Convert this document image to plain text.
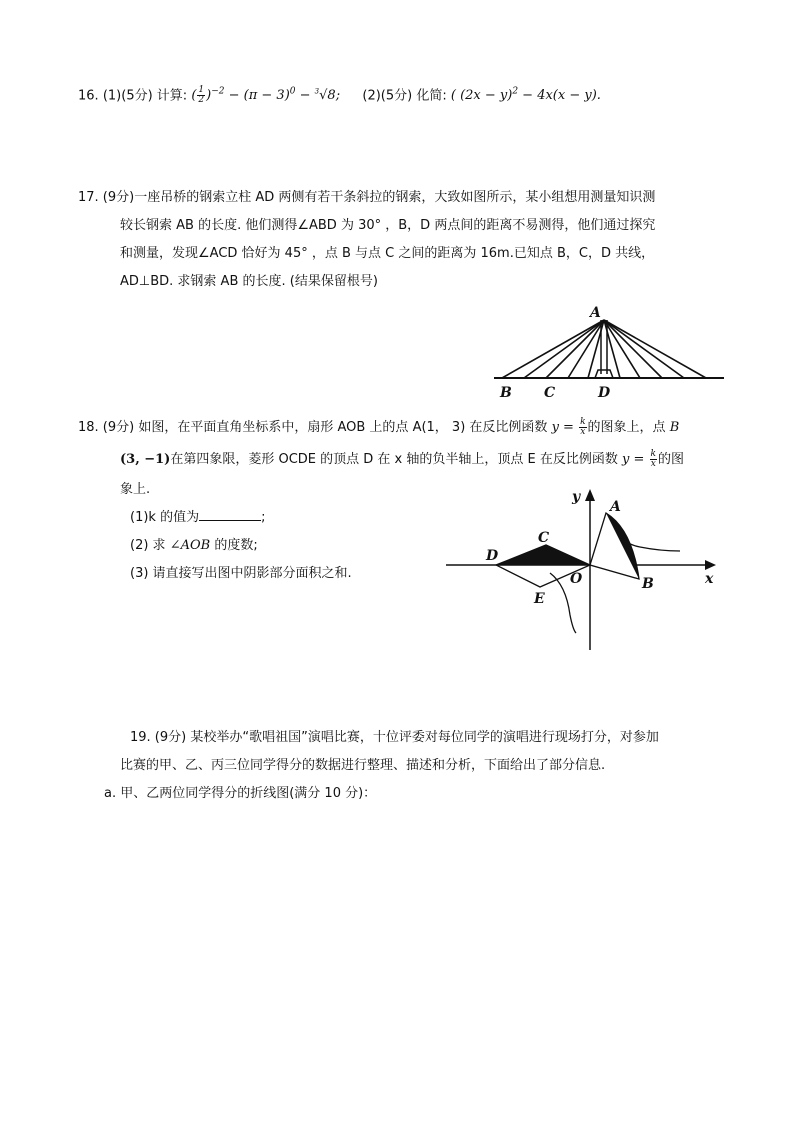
16. (1)(5分) 计算: ( $\frac{1}{2} )^{-2} - (\pi - 3)^0 - ^3√8$; (2)(5分) 化简: ( $(2x - y)^2 - 4x(x - y)$.
17. (9分)一座吊桥的钢索立柱 AD 两侧有若干条斜拉的钢索，大致如图所示，某小组想用测量知识测
较长钢索 AB 的长度. 他们测得∠ABD 为 30° ，B，D 两点间的距离不易测得，他们通过探究
和测量，发现∠ACD 恰好为 45° ，点 B 与点 C 之间的距离为 16m.已知点 B，C，D 共线，
AD⊥BD. 求钢索 AB 的长度. (结果保留根号)
A
B C	D
18. (9分) 如图，在平面直角坐标系中，扇形 AOB 上的点 A(1， 3) 在反比例函数 $y = \frac{k}{x}$ 的图象上，点 B
(3, −1)在第四象限，菱形 OCDE 的顶点 D 在 x 轴的负半轴上，顶点 E 在反比例函数 $y = \frac{k}{x}$ 的图
象上.
(1)k 的值为	;
(2) 求 ∠AOB 的度数;
(3) 请直接写出图中阴影部分面积之和.
y
x
A
B
C
D
O
E
19. (9分) 某校举办“歌唱祖国”演唱比赛，十位评委对每位同学的演唱进行现场打分，对参加
比赛的甲、乙、丙三位同学得分的数据进行整理、描述和分析，下面给出了部分信息.
a. 甲、乙两位同学得分的折线图(满分 10 分)：
